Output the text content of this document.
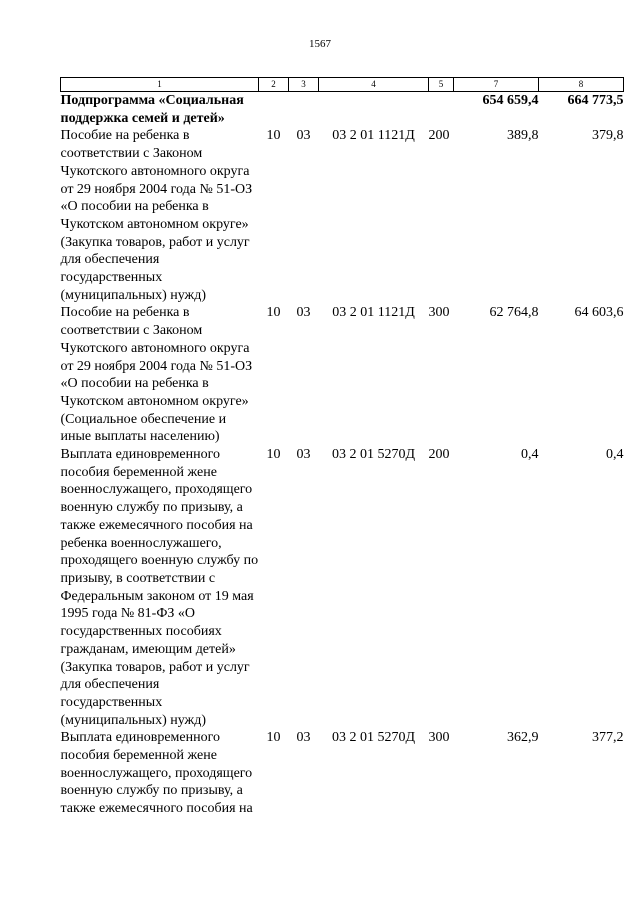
1567
1	2	3	4	5	7	8
Подпрограмма «Социальная поддержка семей и детей»					654 659,4	664 773,5
Пособие на ребенка в соответствии с Законом Чукотского автономного округа от 29 ноября 2004 года № 51-ОЗ «О пособии на ребенка в Чукотском автономном округе» (Закупка товаров, работ и услуг для обеспечения государственных (муниципальных) нужд)	10	03	03 2 01 1121Д	200	389,8	379,8
Пособие на ребенка в соответствии с Законом Чукотского автономного округа от 29 ноября 2004 года № 51-ОЗ «О пособии на ребенка в Чукотском автономном округе» (Социальное обеспечение и иные выплаты населению)	10	03	03 2 01 1121Д	300	62 764,8	64 603,6
Выплата единовременного пособия беременной жене военнослужащего, проходящего военную службу по призыву, а также ежемесячного пособия на ребенка военнослужашего, проходящего военную службу по призыву, в соответствии с Федеральным законом от 19 мая 1995 года № 81-ФЗ «О государственных пособиях гражданам, имеющим детей» (Закупка товаров, работ и услуг для обеспечения государственных (муниципальных) нужд)	10	03	03 2 01 5270Д	200	0,4	0,4
Выплата единовременного пособия беременной жене военнослужащего, проходящего военную службу по призыву, а также ежемесячного пособия на	10	03	03 2 01 5270Д	300	362,9	377,2
